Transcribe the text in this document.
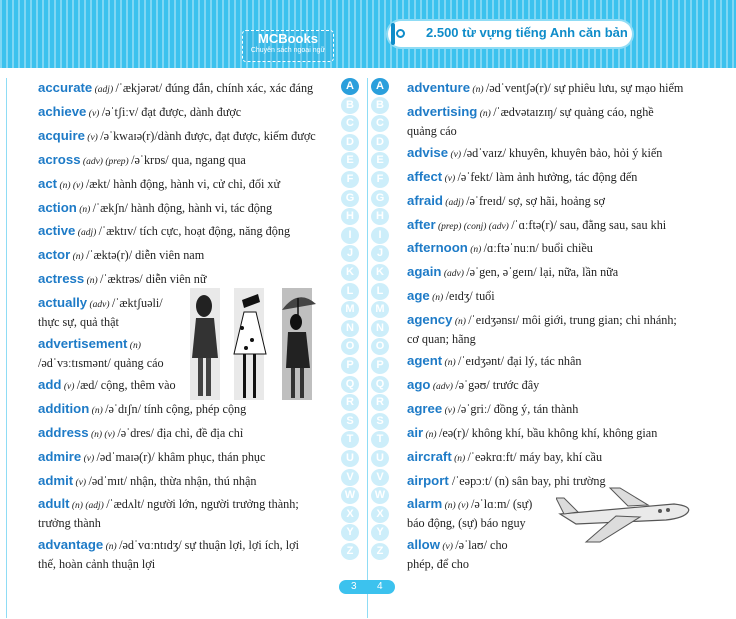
MCBooks
Chuyên sách ngoại ngữ
2.500 từ vựng tiếng Anh căn bản
accurate (adj) /ˈækjərət/ đúng đắn, chính xác, xác đáng
achieve (v) /əˈtʃiːv/ đạt được, dành được
acquire (v) /əˈkwaɪə(r)/dành được, đạt được, kiếm được
across (adv) (prep) /əˈkrɒs/ qua, ngang qua
act (n) (v) /ækt/ hành động, hành vi, cử chỉ, đối xử
action (n) /ˈækʃn/ hành động, hành vi, tác động
active (adj) /ˈæktɪv/ tích cực, hoạt động, năng động
actor (n) /ˈæktə(r)/ diễn viên nam
actress (n) /ˈæktrəs/ diễn viên nữ
actually (adv) /ˈæktʃuəli/
thực sự, quả thật
advertisement (n)
/ədˈvɜːtɪsmənt/ quảng cáo
add (v) /æd/ cộng, thêm vào
addition (n) /əˈdɪʃn/ tính cộng, phép cộng
address (n) (v) /əˈdres/ địa chỉ, đề địa chỉ
admire (v) /ədˈmaɪə(r)/ khâm phục, thán phục
admit (v) /ədˈmɪt/ nhận, thừa nhận, thú nhận
adult (n) (adj) /ˈædʌlt/ người lớn, người trưởng thành;
trưởng thành
advantage (n) /ədˈvɑːntɪdʒ/ sự thuận lợi, lợi ích, lợi
thế, hoàn cảnh thuận lợi
adventure (n) /ədˈventʃə(r)/ sự phiêu lưu, sự mạo hiểm
advertising (n) /ˈædvətaɪzɪŋ/ sự quảng cáo, nghề
quảng cáo
advise (v) /ədˈvaɪz/ khuyên, khuyên bảo, hỏi ý kiến
affect (v) /əˈfekt/ làm ảnh hưởng, tác động đến
afraid (adj) /əˈfreɪd/ sợ, sợ hãi, hoảng sợ
after (prep) (conj) (adv) /ˈɑːftə(r)/ sau, đằng sau, sau khi
afternoon (n) /ɑːftəˈnuːn/ buổi chiều
again (adv) /əˈgen, əˈgeɪn/ lại, nữa, lần nữa
age (n) /eɪdʒ/ tuổi
agency (n) /ˈeɪdʒənsɪ/ môi giới, trung gian; chi nhánh;
cơ quan; hãng
agent (n) /ˈeɪdʒənt/ đại lý, tác nhân
ago (adv) /əˈgəʊ/ trước đây
agree (v) /əˈgriː/ đồng ý, tán thành
air (n) /eə(r)/ không khí, bầu không khí, không gian
aircraft (n) /ˈeəkrɑːft/ máy bay, khí cầu
airport /ˈeəpɔːt/ (n) sân bay, phi trường
alarm (n) (v) /əˈlɑːm/ (sự)
báo động, (sự) báo nguy
allow (v) /əˈlaʊ/ cho
phép, để cho
A
B
C
D
E
F
G
H
I
J
K
L
M
N
O
P
Q
R
S
T
U
V
W
X
Y
Z
A
B
C
D
E
F
G
H
I
J
K
L
M
N
O
P
Q
R
S
T
U
V
W
X
Y
Z
3 4
